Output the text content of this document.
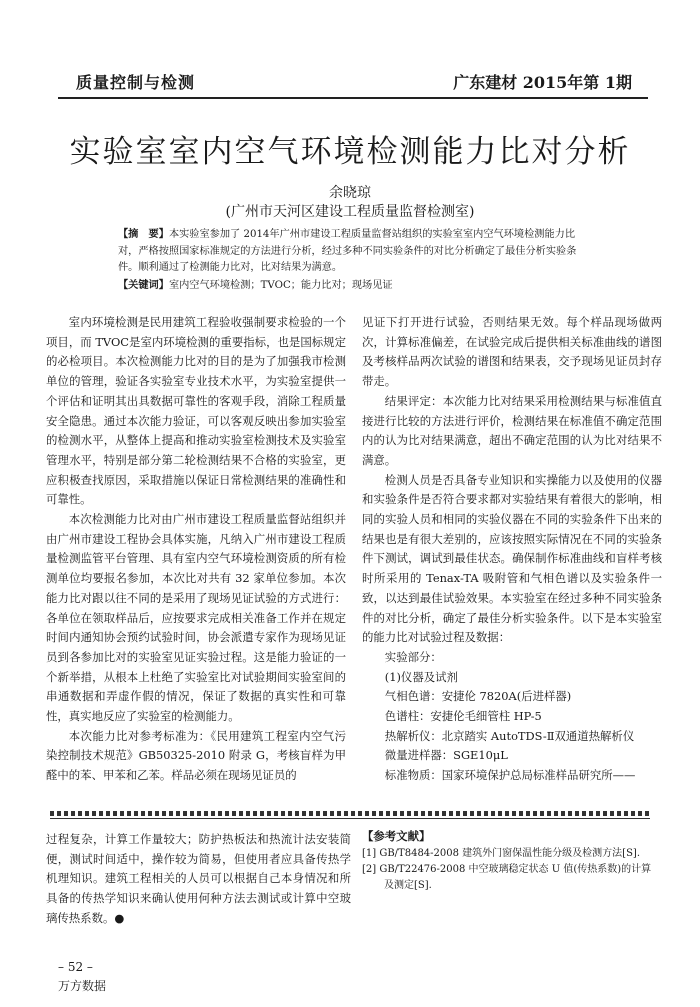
质量控制与检测	广东建材 2015年第 1期
实验室室内空气环境检测能力比对分析
余晓琼
(广州市天河区建设工程质量监督检测室)
【摘　要】本实验室参加了 2014年广州市建设工程质量监督站组织的实验室室内空气环境检测能力比对，严格按照国家标准规定的方法进行分析，经过多种不同实验条件的对比分析确定了最佳分析实验条件。顺利通过了检测能力比对，比对结果为满意。
【关键词】室内空气环境检测；TVOC；能力比对；现场见证

室内环境检测是民用建筑工程验收强制要求检验的一个项目，而 TVOC是室内环境检测的重要指标，也是国标规定的必检项目。本次检测能力比对的目的是为了加强我市检测单位的管理，验证各实验室专业技术水平，为实验室提供一个评估和证明其出具数据可靠性的客观手段，消除工程质量安全隐患。通过本次能力验证，可以客观反映出参加实验室的检测水平，从整体上提高和推动实验室检测技术及实验室管理水平，特别是部分第二轮检测结果不合格的实验室，更应积极查找原因，采取措施以保证日常检测结果的准确性和可靠性。

本次检测能力比对由广州市建设工程质量监督站组织并由广州市建设工程协会具体实施，凡纳入广州市建设工程质量检测监管平台管理、具有室内空气环境检测资质的所有检测单位均要报名参加，本次比对共有 32 家单位参加。本次能力比对跟以往不同的是采用了现场见证试验的方式进行：各单位在领取样品后，应按要求完成相关准备工作并在规定时间内通知协会预约试验时间，协会派遣专家作为现场见证员到各参加比对的实验室见证实验过程。这是能力验证的一个新举措，从根本上杜绝了实验室比对试验期间实验室间的串通数据和弄虚作假的情况，保证了数据的真实性和可靠性，真实地反应了实验室的检测能力。

本次能力比对参考标准为：《民用建筑工程室内空气污染控制技术规范》GB50325-2010 附录 G，考核盲样为甲醛中的苯、甲苯和乙苯。样品必须在现场见证员的

见证下打开进行试验，否则结果无效。每个样品现场做两次，计算标准偏差，在试验完成后提供相关标准曲线的谱图及考核样品两次试验的谱图和结果表，交予现场见证员封存带走。

结果评定：本次能力比对结果采用检测结果与标准值直接进行比较的方法进行评价，检测结果在标准值不确定范围内的认为比对结果满意，超出不确定范围的认为比对结果不满意。

检测人员是否具备专业知识和实操能力以及使用的仪器和实验条件是否符合要求都对实验结果有着很大的影响，相同的实验人员和相同的实验仪器在不同的实验条件下出来的结果也是有很大差别的，应该按照实际情况在不同的实验条件下测试，调试到最佳状态。确保制作标准曲线和盲样考核时所采用的 Tenax-TA 吸附管和气相色谱以及实验条件一致，以达到最佳试验效果。本实验室在经过多种不同实验条件的对比分析，确定了最佳分析实验条件。以下是本实验室的能力比对试验过程及数据：

实验部分：

(1)仪器及试剂

气相色谱：安捷伦 7820A(后进样器)

色谱柱：安捷伦毛细管柱 HP-5

热解析仪：北京踏实 AutoTDS-Ⅱ双通道热解析仪

微量进样器：SGE10μL

标准物质：国家环境保护总局标准样品研究所——

过程复杂，计算工作量较大；防护热板法和热流计法安装简便，测试时间适中，操作较为简易，但使用者应具备传热学机理知识。建筑工程相关的人员可以根据自己本身情况和所具备的传热学知识来确认使用何种方法去测试或计算中空玻璃传热系数。●

【参考文献】
[1] GB/T8484-2008 建筑外门窗保温性能分级及检测方法[S].
[2] GB/T22476-2008 中空玻璃稳定状态 U 值(传热系数)的计算及测定[S].
– 52 –
万方数据
